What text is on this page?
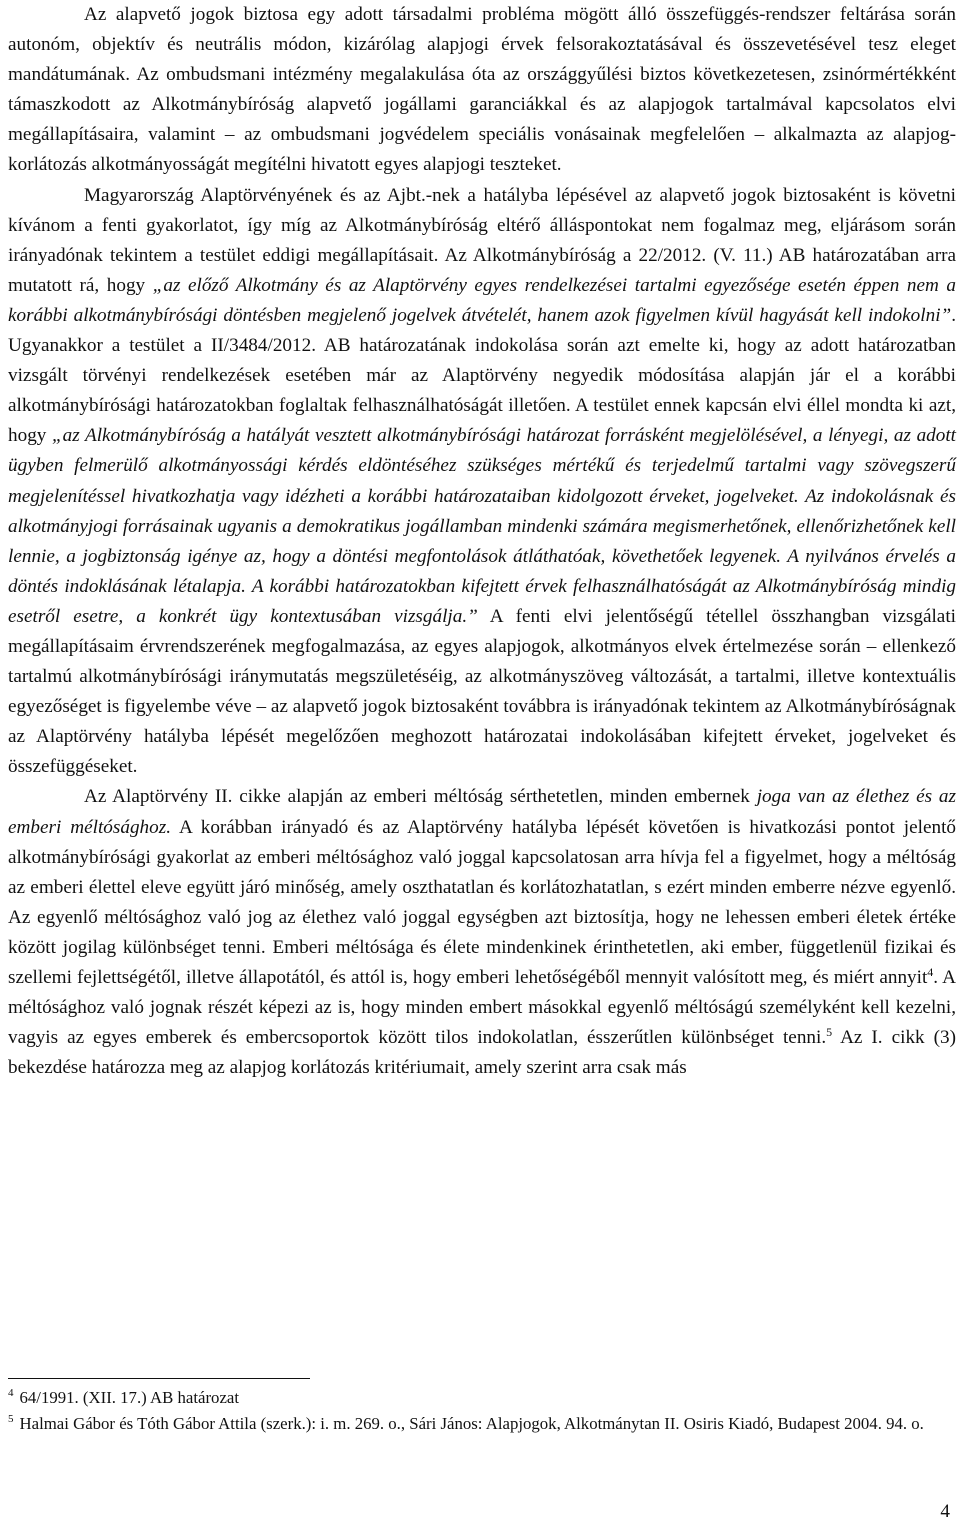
Az alapvető jogok biztosa egy adott társadalmi probléma mögött álló összefüggés-rendszer feltárása során autonóm, objektív és neutrális módon, kizárólag alapjogi érvek felsorakoztatásával és összevetésével tesz eleget mandátumának. Az ombudsmani intézmény megalakulása óta az országgyűlési biztos következetesen, zsinórmértékként támaszkodott az Alkotmánybíróság alapvető jogállami garanciákkal és az alapjogok tartalmával kapcsolatos elvi megállapításaira, valamint – az ombudsmani jogvédelem speciális vonásainak megfelelően – alkalmazta az alapjog-korlátozás alkotmányosságát megítélni hivatott egyes alapjogi teszteket.

Magyarország Alaptörvényének és az Ajbt.-nek a hatályba lépésével az alapvető jogok biztosaként is követni kívánom a fenti gyakorlatot, így míg az Alkotmánybíróság eltérő álláspontokat nem fogalmaz meg, eljárásom során irányadónak tekintem a testület eddigi megállapításait. Az Alkotmánybíróság a 22/2012. (V. 11.) AB határozatában arra mutatott rá, hogy „az előző Alkotmány és az Alaptörvény egyes rendelkezései tartalmi egyezősége esetén éppen nem a korábbi alkotmánybírósági döntésben megjelenő jogelvek átvételét, hanem azok figyelmen kívül hagyását kell indokolni”. Ugyanakkor a testület a II/3484/2012. AB határozatának indokolása során azt emelte ki, hogy az adott határozatban vizsgált törvényi rendelkezések esetében már az Alaptörvény negyedik módosítása alapján jár el a korábbi alkotmánybírósági határozatokban foglaltak felhasználhatóságát illetően. A testület ennek kapcsán elvi éllel mondta ki azt, hogy „az Alkotmánybíróság a hatályát vesztett alkotmánybírósági határozat forrásként megjelölésével, a lényegi, az adott ügyben felmerülő alkotmányossági kérdés eldöntéséhez szükséges mértékű és terjedelmű tartalmi vagy szövegszerű megjelenítéssel hivatkozhatja vagy idézheti a korábbi határozataiban kidolgozott érveket, jogelveket. Az indokolásnak és alkotmányjogi forrásainak ugyanis a demokratikus jogállamban mindenki számára megismerhetőnek, ellenőrizhetőnek kell lennie, a jogbiztonság igénye az, hogy a döntési megfontolások átláthatóak, követhetőek legyenek. A nyilvános érvelés a döntés indoklásának létalapja. A korábbi határozatokban kifejtett érvek felhasználhatóságát az Alkotmánybíróság mindig esetről esetre, a konkrét ügy kontextusában vizsgálja.” A fenti elvi jelentőségű tétellel összhangban vizsgálati megállapításaim érvrendszerének megfogalmazása, az egyes alapjogok, alkotmányos elvek értelmezése során – ellenkező tartalmú alkotmánybírósági iránymutatás megszületéséig, az alkotmányszöveg változását, a tartalmi, illetve kontextuális egyezőséget is figyelembe véve – az alapvető jogok biztosaként továbbra is irányadónak tekintem az Alkotmánybíróságnak az Alaptörvény hatályba lépését megelőzően meghozott határozatai indokolásában kifejtett érveket, jogelveket és összefüggéseket.

Az Alaptörvény II. cikke alapján az emberi méltóság sérthetetlen, minden embernek joga van az élethez és az emberi méltósághoz. A korábban irányadó és az Alaptörvény hatályba lépését követően is hivatkozási pontot jelentő alkotmánybírósági gyakorlat az emberi méltósághoz való joggal kapcsolatosan arra hívja fel a figyelmet, hogy a méltóság az emberi élettel eleve együtt járó minőség, amely oszthatatlan és korlátozhatatlan, s ezért minden emberre nézve egyenlő. Az egyenlő méltósághoz való jog az élethez való joggal egységben azt biztosítja, hogy ne lehessen emberi életek értéke között jogilag különbséget tenni. Emberi méltósága és élete mindenkinek érinthetetlen, aki ember, függetlenül fizikai és szellemi fejlettségétől, illetve állapotától, és attól is, hogy emberi lehetőségéből mennyit valósított meg, és miért annyit$^4$. A méltósághoz való jognak részét képezi az is, hogy minden embert másokkal egyenlő méltóságú személyként kell kezelni, vagyis az egyes emberek és embercsoportok között tilos indokolatlan, ésszerűtlen különbséget tenni.$^5$ Az I. cikk (3) bekezdése határozza meg az alapjog korlátozás kritériumait, amely szerint arra csak más

$^4$ 64/1991. (XII. 17.) AB határozat

$^5$ Halmai Gábor és Tóth Gábor Attila (szerk.): i. m. 269. o., Sári János: Alapjogok, Alkotmánytan II. Osiris Kiadó, Budapest 2004. 94. o.

4
